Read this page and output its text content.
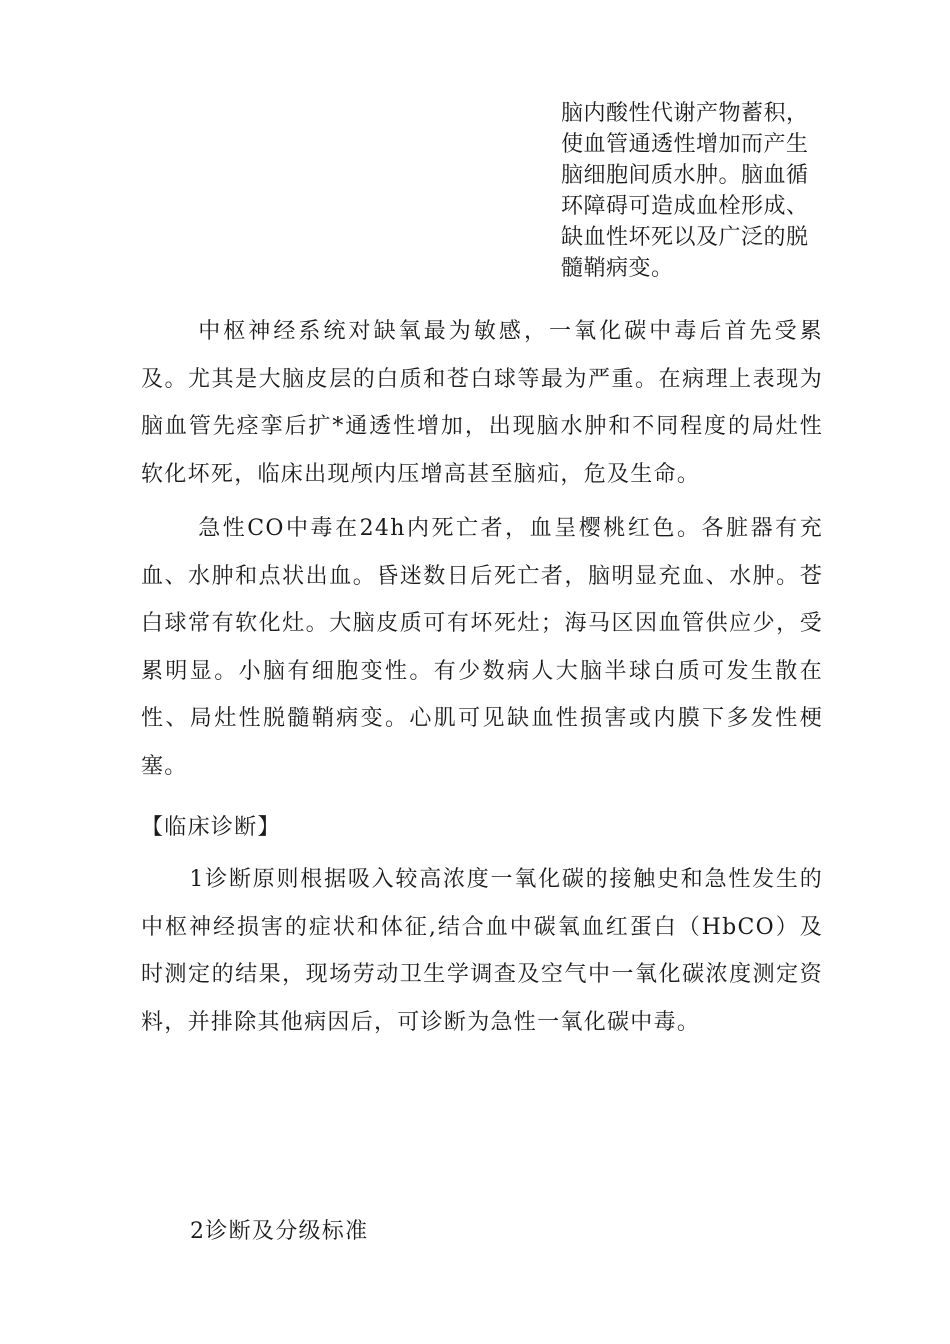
脑内酸性代谢产物蓄积，使血管通透性增加而产生脑细胞间质水肿。脑血循环障碍可造成血栓形成、缺血性坏死以及广泛的脱髓鞘病变。

中枢神经系统对缺氧最为敏感，一氧化碳中毒后首先受累及。尤其是大脑皮层的白质和苍白球等最为严重。在病理上表现为脑血管先痉挛后扩*通透性增加，出现脑水肿和不同程度的局灶性软化坏死，临床出现颅内压增高甚至脑疝，危及生命。

急性CO中毒在24h内死亡者，血呈樱桃红色。各脏器有充血、水肿和点状出血。昏迷数日后死亡者，脑明显充血、水肿。苍白球常有软化灶。大脑皮质可有坏死灶；海马区因血管供应少，受累明显。小脑有细胞变性。有少数病人大脑半球白质可发生散在性、局灶性脱髓鞘病变。心肌可见缺血性损害或内膜下多发性梗塞。

【临床诊断】

1诊断原则根据吸入较高浓度一氧化碳的接触史和急性发生的中枢神经损害的症状和体征,结合血中碳氧血红蛋白（HbCO）及时测定的结果，现场劳动卫生学调查及空气中一氧化碳浓度测定资料，并排除其他病因后，可诊断为急性一氧化碳中毒。

2诊断及分级标准
